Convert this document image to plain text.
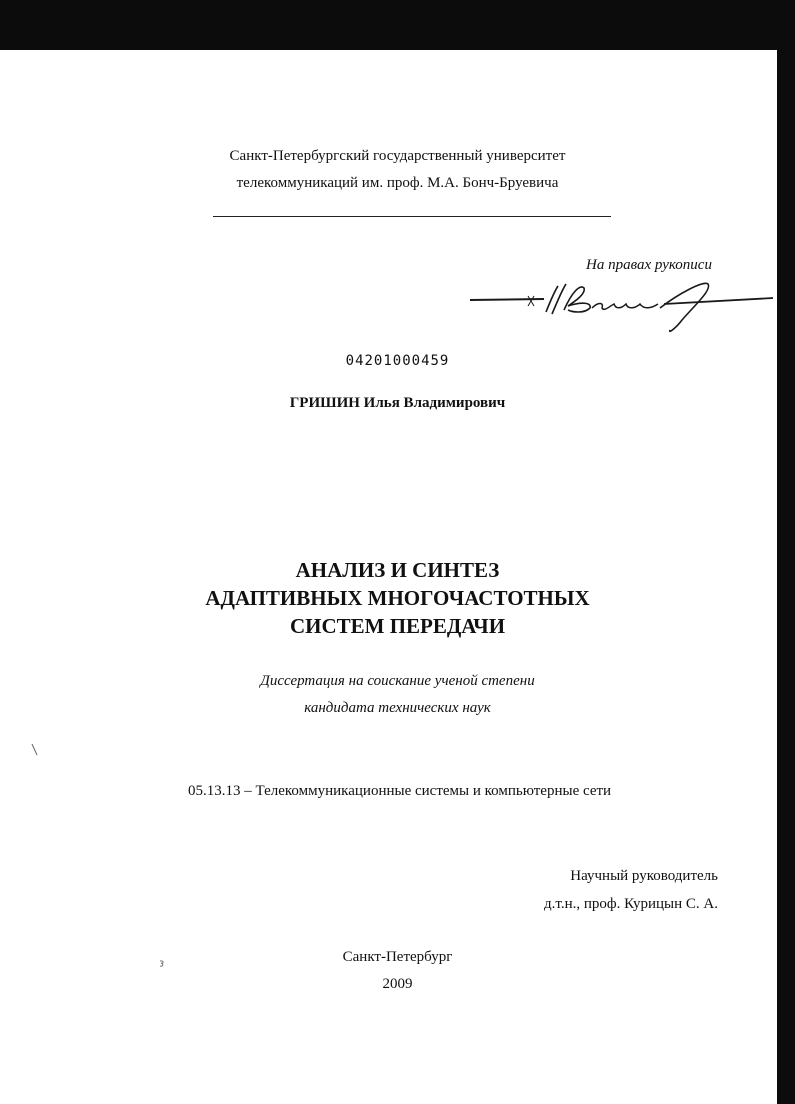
Санкт-Петербургский государственный университет
телекоммуникаций им. проф. М.А. Бонч-Бруевича
На правах рукописи
04201000459
ГРИШИН Илья Владимирович
АНАЛИЗ И СИНТЕЗ
АДАПТИВНЫХ МНОГОЧАСТОТНЫХ
СИСТЕМ ПЕРЕДАЧИ
Диссертация на соискание ученой степени
кандидата технических наук
05.13.13 – Телекоммуникационные системы и компьютерные сети
Научный руководитель
д.т.н., проф. Курицын С. А.
Санкт-Петербург
2009
